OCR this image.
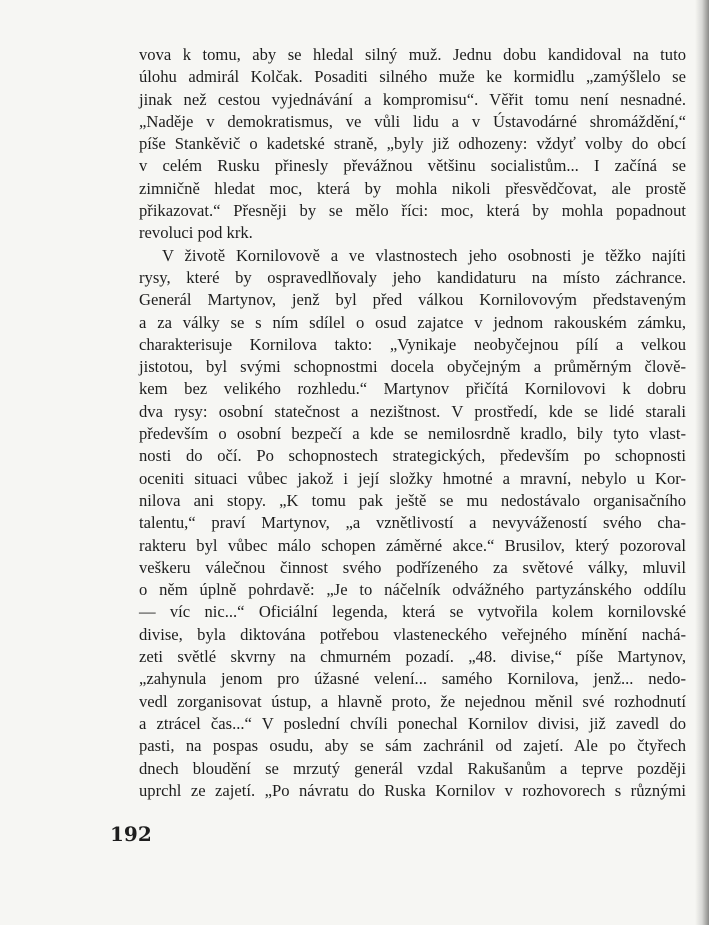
vova k tomu, aby se hledal silný muž. Jednu dobu kandidoval na tuto
úlohu admirál Kolčak. Posaditi silného muže ke kormidlu „zamýšlelo se
jinak než cestou vyjednávání a kompromisu“. Věřit tomu není nesnadné.
„Naděje v demokratismus, ve vůli lidu a v Ústavodárné shromáždění,“
píše Stankěvič o kadetské straně, „byly již odhozeny: vždyť volby do obcí
v celém Rusku přinesly převážnou většinu socialistům... I začíná se
zimničně hledat moc, která by mohla nikoli přesvědčovat, ale prostě
přikazovat.“ Přesněji by se mělo říci: moc, která by mohla popadnout
revoluci pod krk.
V životě Kornilovově a ve vlastnostech jeho osobnosti je těžko najíti
rysy, které by ospravedlňovaly jeho kandidaturu na místo záchrance.
Generál Martynov, jenž byl před válkou Kornilovovým představeným
a za války se s ním sdílel o osud zajatce v jednom rakouském zámku,
charakterisuje Kornilova takto: „Vynikaje neobyčejnou pílí a velkou
jistotou, byl svými schopnostmi docela obyčejným a průměrným člově-
kem bez velikého rozhledu.“ Martynov přičítá Kornilovovi k dobru
dva rysy: osobní statečnost a nezištnost. V prostředí, kde se lidé starali
především o osobní bezpečí a kde se nemilosrdně kradlo, bily tyto vlast-
nosti do očí. Po schopnostech strategických, především po schopnosti
oceniti situaci vůbec jakož i její složky hmotné a mravní, nebylo u Kor-
nilova ani stopy. „K tomu pak ještě se mu nedostávalo organisačního
talentu,“ praví Martynov, „a vznětlivostí a nevyvážeností svého cha-
rakteru byl vůbec málo schopen záměrné akce.“ Brusilov, který pozoroval
veškeru válečnou činnost svého podřízeného za světové války, mluvil
o něm úplně pohrdavě: „Je to náčelník odvážného partyzánského oddílu
— víc nic...“ Oficiální legenda, která se vytvořila kolem kornilovské
divise, byla diktována potřebou vlasteneckého veřejného mínění nachá-
zeti světlé skvrny na chmurném pozadí. „48. divise,“ píše Martynov,
„zahynula jenom pro úžasné velení... samého Kornilova, jenž... nedo-
vedl zorganisovat ústup, a hlavně proto, že nejednou měnil své rozhodnutí
a ztrácel čas...“ V poslední chvíli ponechal Kornilov divisi, již zavedl do
pasti, na pospas osudu, aby se sám zachránil od zajetí. Ale po čtyřech
dnech bloudění se mrzutý generál vzdal Rakušanům a teprve později
uprchl ze zajetí. „Po návratu do Ruska Kornilov v rozhovorech s různými
192
